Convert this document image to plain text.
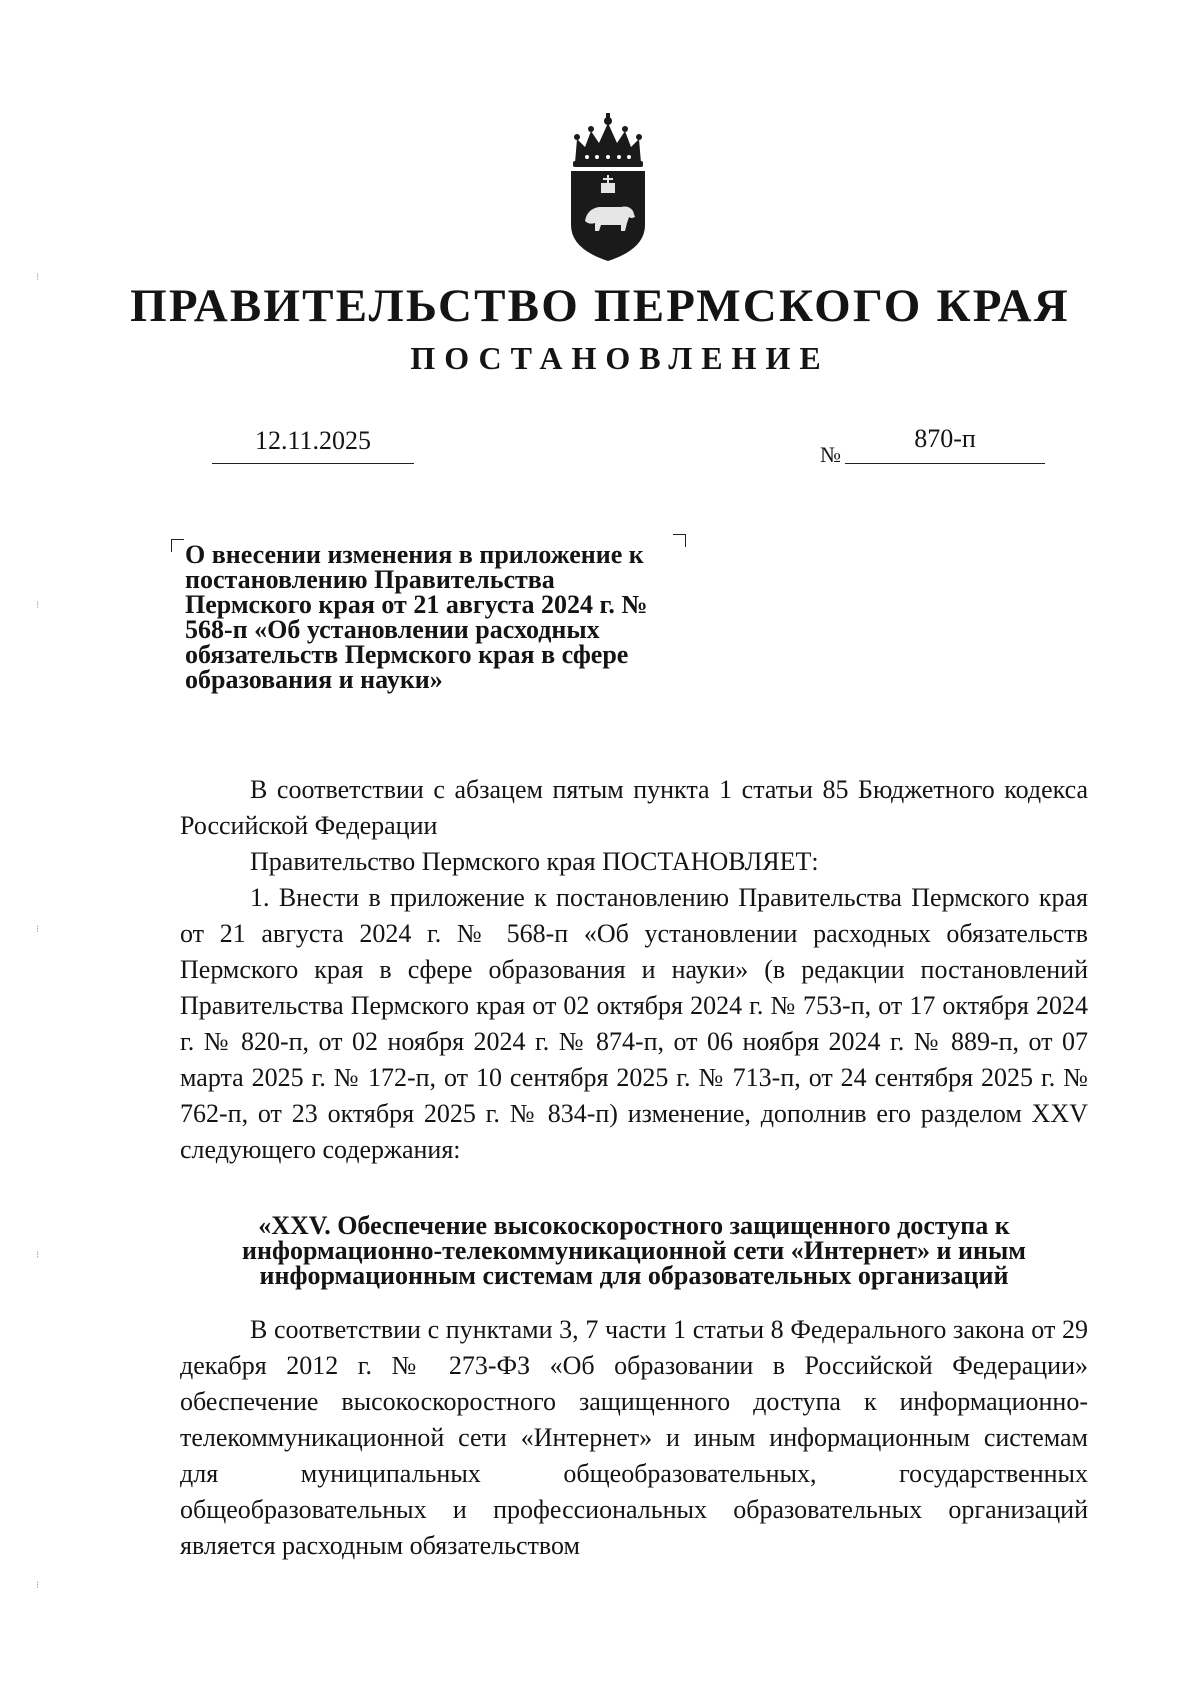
ПРАВИТЕЛЬСТВО ПЕРМСКОГО КРАЯ
ПОСТАНОВЛЕНИЕ
12.11.2025	№
870-п
О внесении изменения в приложение к постановлению Правительства Пермского края от 21 августа 2024 г. № 568-п «Об установлении расходных обязательств Пермского края в сфере образования и науки»

В соответствии с абзацем пятым пункта 1 статьи 85 Бюджетного кодекса Российской Федерации

Правительство Пермского края ПОСТАНОВЛЯЕТ:

1. Внести в приложение к постановлению Правительства Пермского края от 21 августа 2024 г. № 568-п «Об установлении расходных обязательств Пермского края в сфере образования и науки» (в редакции постановлений Правительства Пермского края от 02 октября 2024 г. № 753-п, от 17 октября 2024 г. № 820-п, от 02 ноября 2024 г. № 874-п, от 06 ноября 2024 г. № 889-п, от 07 марта 2025 г. № 172-п, от 10 сентября 2025 г. № 713-п, от 24 сентября 2025 г. № 762-п, от 23 октября 2025 г. № 834-п) изменение, дополнив его разделом XXV следующего содержания:

«XXV. Обеспечение высокоскоростного защищенного доступа к информационно-телекоммуникационной сети «Интернет» и иным информационным системам для образовательных организаций

В соответствии с пунктами 3, 7 части 1 статьи 8 Федерального закона от 29 декабря 2012 г. № 273-ФЗ «Об образовании в Российской Федерации» обеспечение высокоскоростного защищенного доступа к информационно-телекоммуникационной сети «Интернет» и иным информационным системам для муниципальных общеобразовательных, государственных общеобразовательных и профессиональных образовательных организаций является расходным обязательством

⁝
⁝
⁝
⁝
⁝
